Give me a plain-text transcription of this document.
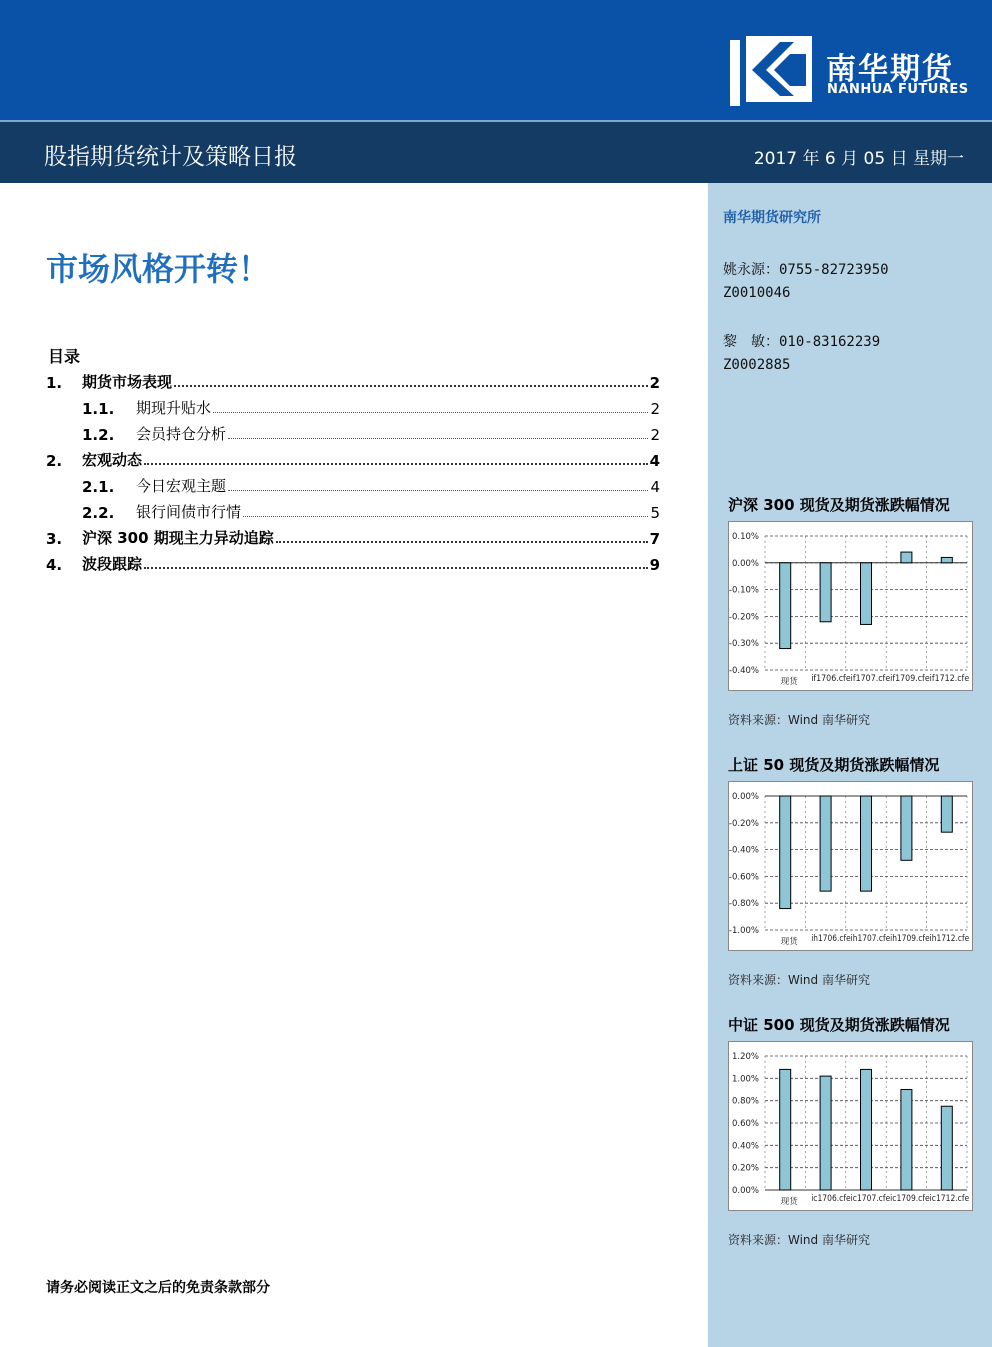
南华期货
NANHUA FUTURES
股指期货统计及策略日报	2017 年 6 月 05 日 星期一
南华期货研究所
姚永源：0755-82723950
Z0010046
黎　敏：010-83162239
Z0002885
市场风格开转！
目录
1.	期货市场表现	2
1.1.	期现升贴水	2
1.2.	会员持仓分析	2
2.	宏观动态	4
2.1.	今日宏观主题	4
2.2.	银行间债市行情	5
3.	沪深 300 期现主力异动追踪	7
4.	波段跟踪	9
沪深 300 现货及期货涨跌幅情况
0.10%
0.00%
-0.10%
-0.20%
-0.30%
-0.40%
现货 if1706.cfeif1707.cfeif1709.cfeif1712.cfe
资料来源：Wind 南华研究
上证 50 现货及期货涨跌幅情况
0.00%
-0.20%
-0.40%
-0.60%
-0.80%
-1.00%
现货 ih1706.cfeih1707.cfeih1709.cfeih1712.cfe
资料来源：Wind 南华研究
中证 500 现货及期货涨跌幅情况
1.20%
1.00%
0.80%
0.60%
0.40%
0.20%
0.00%
现货 ic1706.cfeic1707.cfeic1709.cfeic1712.cfe
资料来源：Wind 南华研究
请务必阅读正文之后的免责条款部分
